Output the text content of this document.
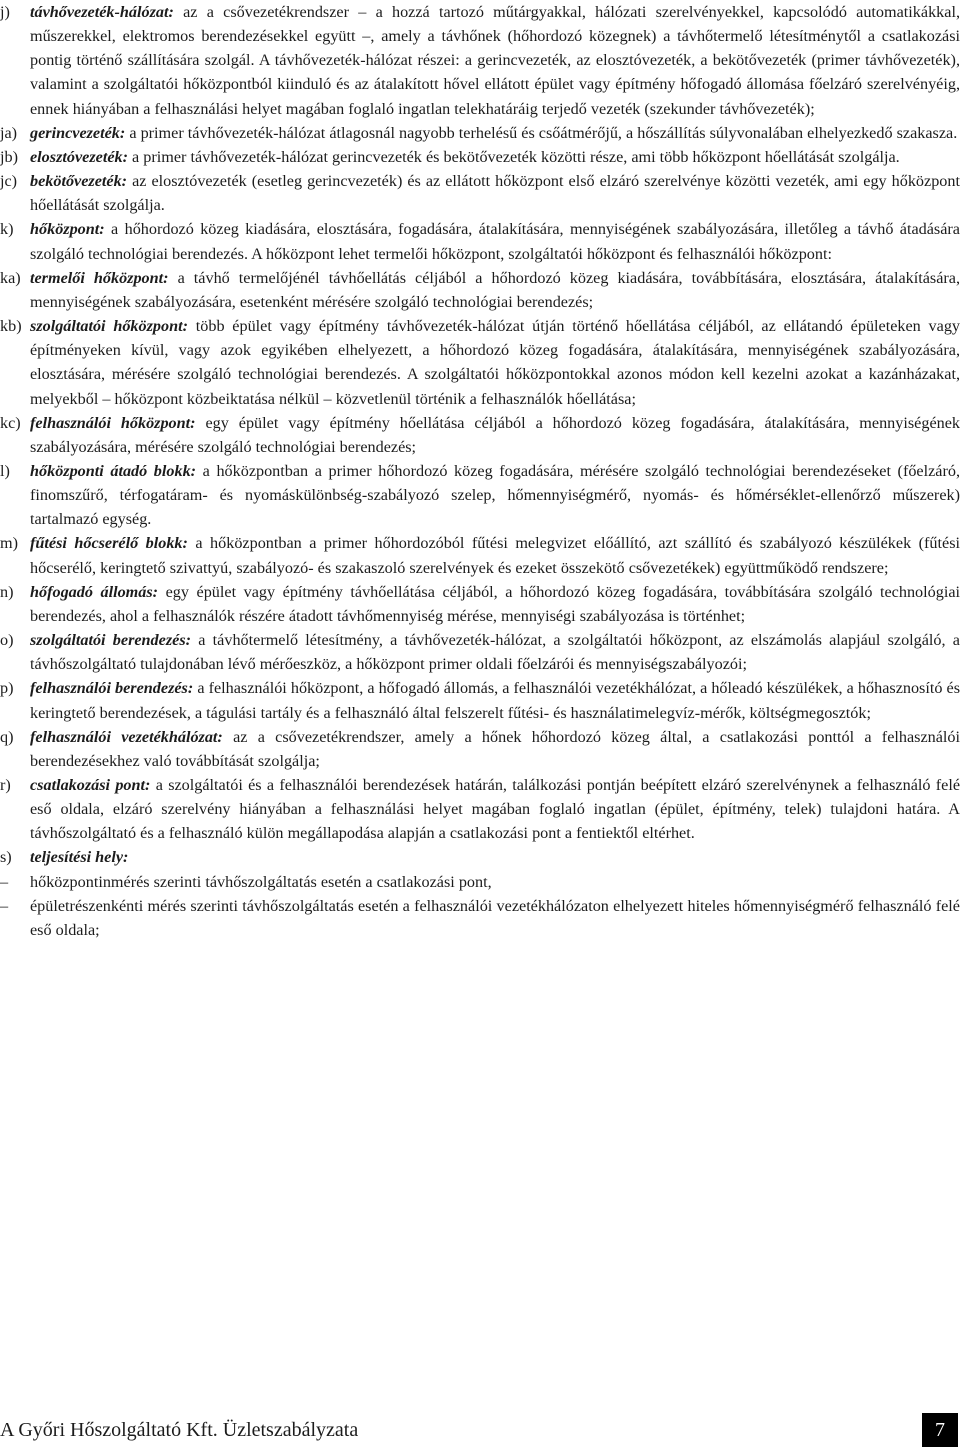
j)	távhővezeték-hálózat: az a csővezetékrendszer – a hozzá tartozó műtárgyakkal, hálózati szerelvényekkel, kapcsolódó automatikákkal, műszerekkel, elektromos berendezésekkel együtt –, amely a távhőnek (hőhordozó közegnek) a távhőtermelő létesítménytől a csatlakozási pontig történő szállítására szolgál. A távhővezeték-hálózat részei: a gerincvezeték, az elosztóvezeték, a bekötővezeték (primer távhővezeték), valamint a szolgáltatói hőközpontból kiinduló és az átalakított hővel ellátott épület vagy építmény hőfogadó állomása főelzáró szerelvényéig, ennek hiányában a felhasználási helyet magában foglaló ingatlan telekhatáráig terjedő vezeték (szekunder távhővezeték);
ja) gerincvezeték: a primer távhővezeték-hálózat átlagosnál nagyobb terhelésű és csőátmérőjű, a hőszállítás súlyvonalában elhelyezkedő szakasza.
jb) elosztóvezeték: a primer távhővezeték-hálózat gerincvezeték és bekötővezeték közötti része, ami több hőközpont hőellátását szolgálja.
jc) bekötővezeték: az elosztóvezeték (esetleg gerincvezeték) és az ellátott hőközpont első elzáró szerelvénye közötti vezeték, ami egy hőközpont hőellátását szolgálja.
k)	hőközpont: a hőhordozó közeg kiadására, elosztására, fogadására, átalakítására, mennyiségének szabályozására, illetőleg a távhő átadására szolgáló technológiai berendezés. A hőközpont lehet termelői hőközpont, szolgáltatói hőközpont és felhasználói hőközpont:
ka) termelői hőközpont: a távhő termelőjénél távhőellátás céljából a hőhordozó közeg kiadására, továbbítására, elosztására, átalakítására, mennyiségének szabályozására, esetenként mérésére szolgáló technológiai berendezés;
kb) szolgáltatói hőközpont: több épület vagy építmény távhővezeték-hálózat útján történő hőellátása céljából, az ellátandó épületeken vagy építményeken kívül, vagy azok egyikében elhelyezett, a hőhordozó közeg fogadására, átalakítására, mennyiségének szabályozására, elosztására, mérésére szolgáló technológiai berendezés. A szolgáltatói hőközpontokkal azonos módon kell kezelni azokat a kazánházakat, melyekből – hőközpont közbeiktatása nélkül – közvetlenül történik a felhasználók hőellátása;
kc) felhasználói hőközpont: egy épület vagy építmény hőellátása céljából a hőhordozó közeg fogadására, átalakítására, mennyiségének szabályozására, mérésére szolgáló technológiai berendezés;
l)	hőközponti átadó blokk: a hőközpontban a primer hőhordozó közeg fogadására, mérésére szolgáló technológiai berendezéseket (főelzáró, finomszűrő, térfogatáram- és nyomáskülönbség-szabályozó szelep, hőmennyiségmérő, nyomás- és hőmérséklet-ellenőrző műszerek) tartalmazó egység.
m) fűtési hőcserélő blokk: a hőközpontban a primer hőhordozóból fűtési melegvizet előállító, azt szállító és szabályozó készülékek (fűtési hőcserélő, keringtető szivattyú, szabályozó- és szakaszoló szerelvények és ezeket összekötő csővezetékek) együttműködő rendszere;
n)	hőfogadó állomás: egy épület vagy építmény távhőellátása céljából, a hőhordozó közeg fogadására, továbbítására szolgáló technológiai berendezés, ahol a felhasználók részére átadott távhőmennyiség mérése, mennyiségi szabályozása is történhet;
o)	szolgáltatói berendezés: a távhőtermelő létesítmény, a távhővezeték-hálózat, a szolgáltatói hőközpont, az elszámolás alapjául szolgáló, a távhőszolgáltató tulajdonában lévő mérőeszköz, a hőközpont primer oldali főelzárói és mennyiségszabályozói;
p)	felhasználói berendezés: a felhasználói hőközpont, a hőfogadó állomás, a felhasználói vezetékhálózat, a hőleadó készülékek, a hőhasznosító és keringtető berendezések, a tágulási tartály és a felhasználó által felszerelt fűtési- és használatimelegvíz-mérők, költségmegosztók;
q)	felhasználói vezetékhálózat: az a csővezetékrendszer, amely a hőnek hőhordozó közeg által, a csatlakozási ponttól a felhasználói berendezésekhez való továbbítását szolgálja;
r)	csatlakozási pont: a szolgáltatói és a felhasználói berendezések határán, találkozási pontján beépített elzáró szerelvénynek a felhasználó felé eső oldala, elzáró szerelvény hiányában a felhasználási helyet magában foglaló ingatlan (épület, építmény, telek) tulajdoni határa. A távhőszolgáltató és a felhasználó külön megállapodása alapján a csatlakozási pont a fentiektől eltérhet.
s)	teljesítési hely:
–	hőközpontinmérés szerinti távhőszolgáltatás esetén a csatlakozási pont,
–	épületrészenkénti mérés szerinti távhőszolgáltatás esetén a felhasználói vezetékhálózaton elhelyezett hiteles hőmennyiségmérő felhasználó felé eső oldala;
A Győri Hőszolgáltató Kft. Üzletszabályzata	7
